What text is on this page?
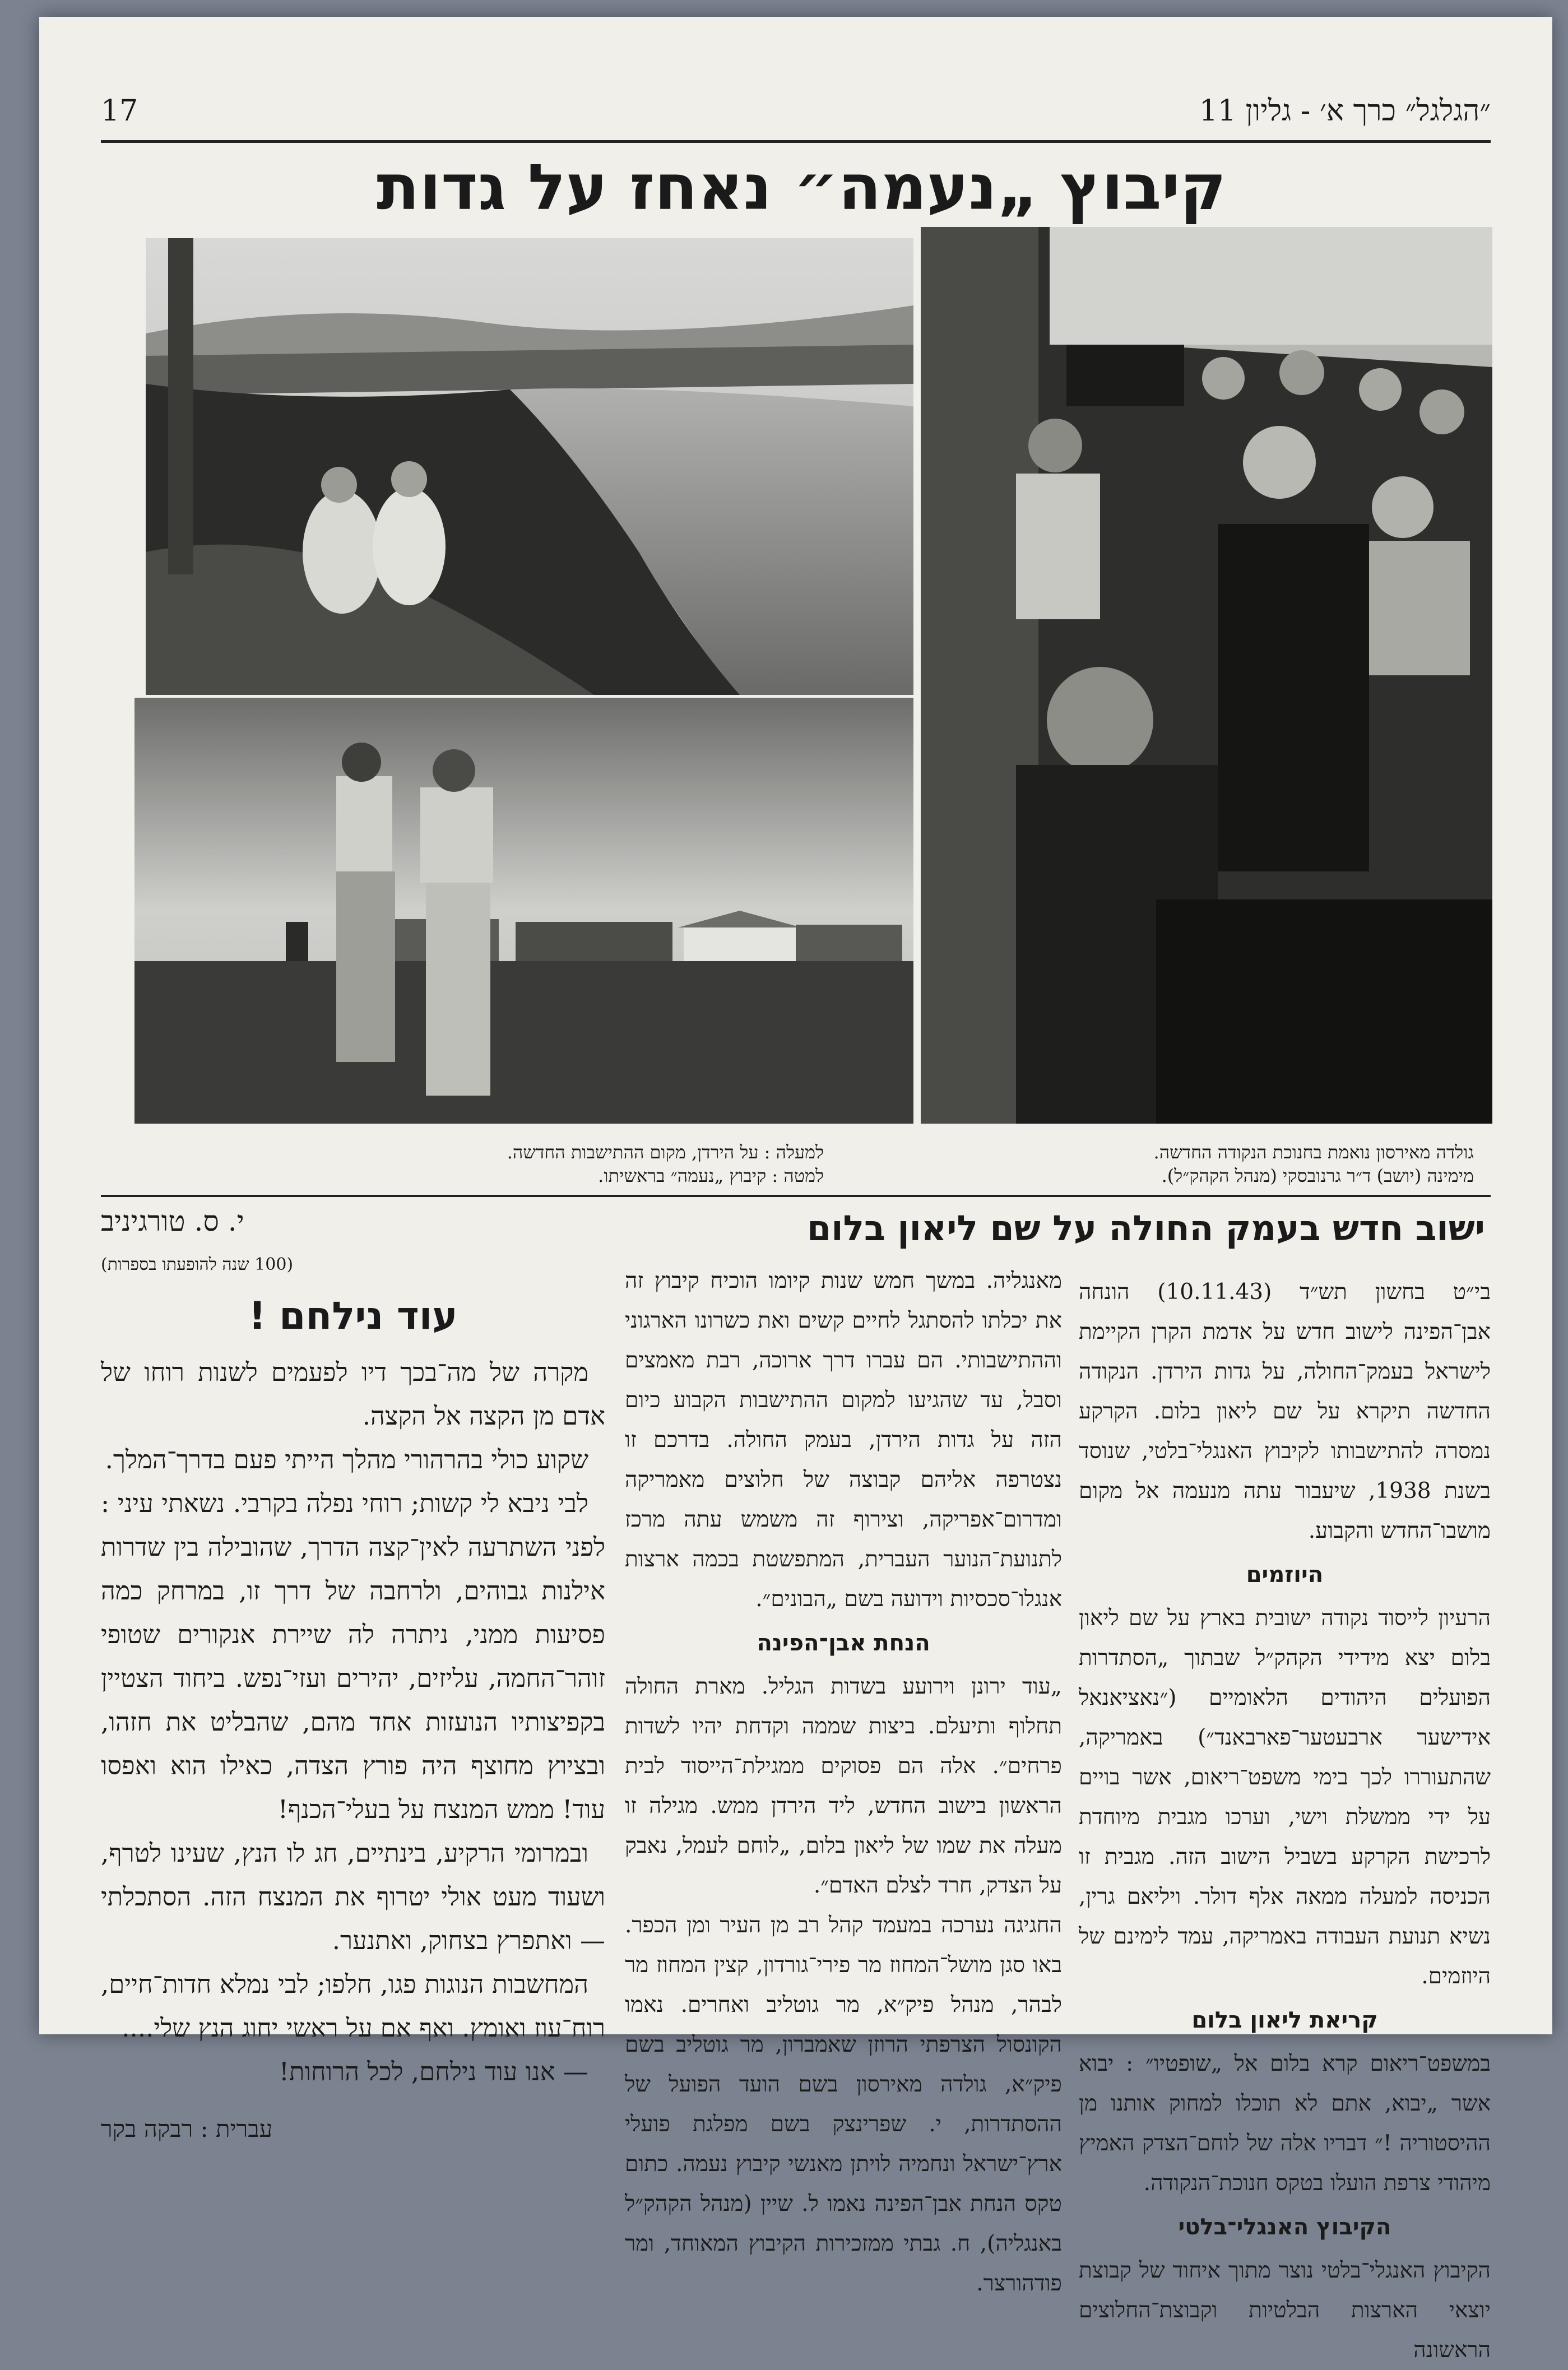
17	״הגלגל״ כרך א׳ - גליון 11
קיבוץ „נעמה״ נאחז על גדות
למעלה : על הירדן, מקום ההתישבות החדשה.
למטה : קיבוץ „נעמה״ בראשיתו.
גולדה מאירסון נואמת בחנוכת הנקודה החדשה.
מימינה (יושב) ד״ר גרנובסקי (מנהל הקהק״ל).
ישוב חדש בעמק החולה על שם ליאון בלום

בי״ט בחשון תש״ד (10.11.43) הונחה אבן־הפינה לישוב חדש על אדמת הקרן הקיימת לישראל בעמק־החולה, על גדות הירדן. הנקודה החדשה תיקרא על שם ליאון בלום. הקרקע נמסרה להתישבותו לקיבוץ האנגלי־בלטי, שנוסד בשנת 1938, שיעבור עתה מנעמה אל מקום מושבו־החדש והקבוע.

היוזמים

הרעיון לייסוד נקודה ישובית בארץ על שם ליאון בלום יצא מידידי הקהק״ל שבתוך „הסתדרות הפועלים היהודים הלאומיים (״נאציאנאל אידישער ארבעטער־פארבאנד״) באמריקה, שהתעוררו לכך בימי משפט־ריאום, אשר בויים על ידי ממשלת וישי, וערכו מגבית מיוחדת לרכישת הקרקע בשביל הישוב הזה. מגבית זו הכניסה למעלה ממאה אלף דולר. ויליאם גרין, נשיא תנועת העבודה באמריקה, עמד לימינם של היוזמים.

קריאת ליאון בלום

במשפט־ריאום קרא בלום אל „שופטיו״ : יבוא אשר „יבוא, אתם לא תוכלו למחוק אותנו מן ההיסטוריה !״ דבריו אלה של לוחם־הצדק האמיץ מיהודי צרפת הועלו בטקס חנוכת־הנקודה.

הקיבוץ האנגלי־בלטי

הקיבוץ האנגלי־בלטי נוצר מתוך איחוד של קבוצת יוצאי הארצות הבלטיות וקבוצת־החלוצים הראשונה

מאנגליה. במשך חמש שנות קיומו הוכיח קיבוץ זה את יכלתו להסתגל לחיים קשים ואת כשרונו הארגוני וההתישבותי. הם עברו דרך ארוכה, רבת מאמצים וסבל, עד שהגיעו למקום ההתישבות הקבוע כיום הזה על גדות הירדן, בעמק החולה. בדרכם זו נצטרפה אליהם קבוצה של חלוצים מאמריקה ומדרום־אפריקה, וצירוף זה משמש עתה מרכז לתנועת־הנוער העברית, המתפשטת בכמה ארצות אנגלו־סכסיות וידועה בשם „הבונים״.

הנחת אבן־הפינה

„עוד ירונן וירועע בשדות הגליל. מארת החולה תחלוף ותיעלם. ביצות שממה וקדחת יהיו לשדות פרחים״. אלה הם פסוקים ממגילת־הייסוד לבית הראשון בישוב החדש, ליד הירדן ממש. מגילה זו מעלה את שמו של ליאון בלום, „לוחם לעמל, נאבק על הצדק, חרד לצלם האדם״.

החגיגה נערכה במעמד קהל רב מן העיר ומן הכפר. באו סגן מושל־המחוז מר פירי־גורדון, קצין המחוז מר לבהר, מנהל פיק״א, מר גוטליב ואחרים. נאמו הקונסול הצרפתי הרוזן שאמברון, מר גוטליב בשם פיק״א, גולדה מאירסון בשם הועד הפועל של ההסתדרות, י. שפרינצק בשם מפלגת פועלי ארץ־ישראל ונחמיה לויתן מאנשי קיבוץ נעמה. כתום טקס הנחת אבן־הפינה נאמו ל. שיין (מנהל הקהק״ל באנגליה), ח. גבתי ממזכירות הקיבוץ המאוחד, ומר פודהורצר.

י. ס. טורגיניב
(100 שנה להופעתו בספרות)
עוד נילחם !

מקרה של מה־בכך דיו לפעמים לשנות רוחו של אדם מן הקצה אל הקצה.

שקוע כולי בהרהורי מהלך הייתי פעם בדרך־המלך.

לבי ניבא לי קשות; רוחי נפלה בקרבי. נשאתי עיני : לפני השתרעה לאין־קצה הדרך, שהובילה בין שדרות אילנות גבוהים, ולרחבה של דרך זו, במרחק כמה פסיעות ממני, ניתרה לה שיירת אנקורים שטופי זוהר־החמה, עליזים, יהירים ועזי־נפש. ביחוד הצטיין בקפיצותיו הנועזות אחד מהם, שהבליט את חזהו, ובציוץ מחוצף היה פורץ הצדה, כאילו הוא ואפסו עוד! ממש המנצח על בעלי־הכנף!

ובמרומי הרקיע, בינתיים, חג לו הנץ, שעינו לטרף, ושעוד מעט אולי יטרוף את המנצח הזה. הסתכלתי — ואתפרץ בצחוק, ואתנער.

המחשבות הנוגות פגו, חלפו; לבי נמלא חדות־חיים, רוח־עוז ואומץ. ואף אם על ראשי יחוג הנץ שלי....

— אנו עוד נילחם, לכל הרוחות!

עברית : רבקה בקר
